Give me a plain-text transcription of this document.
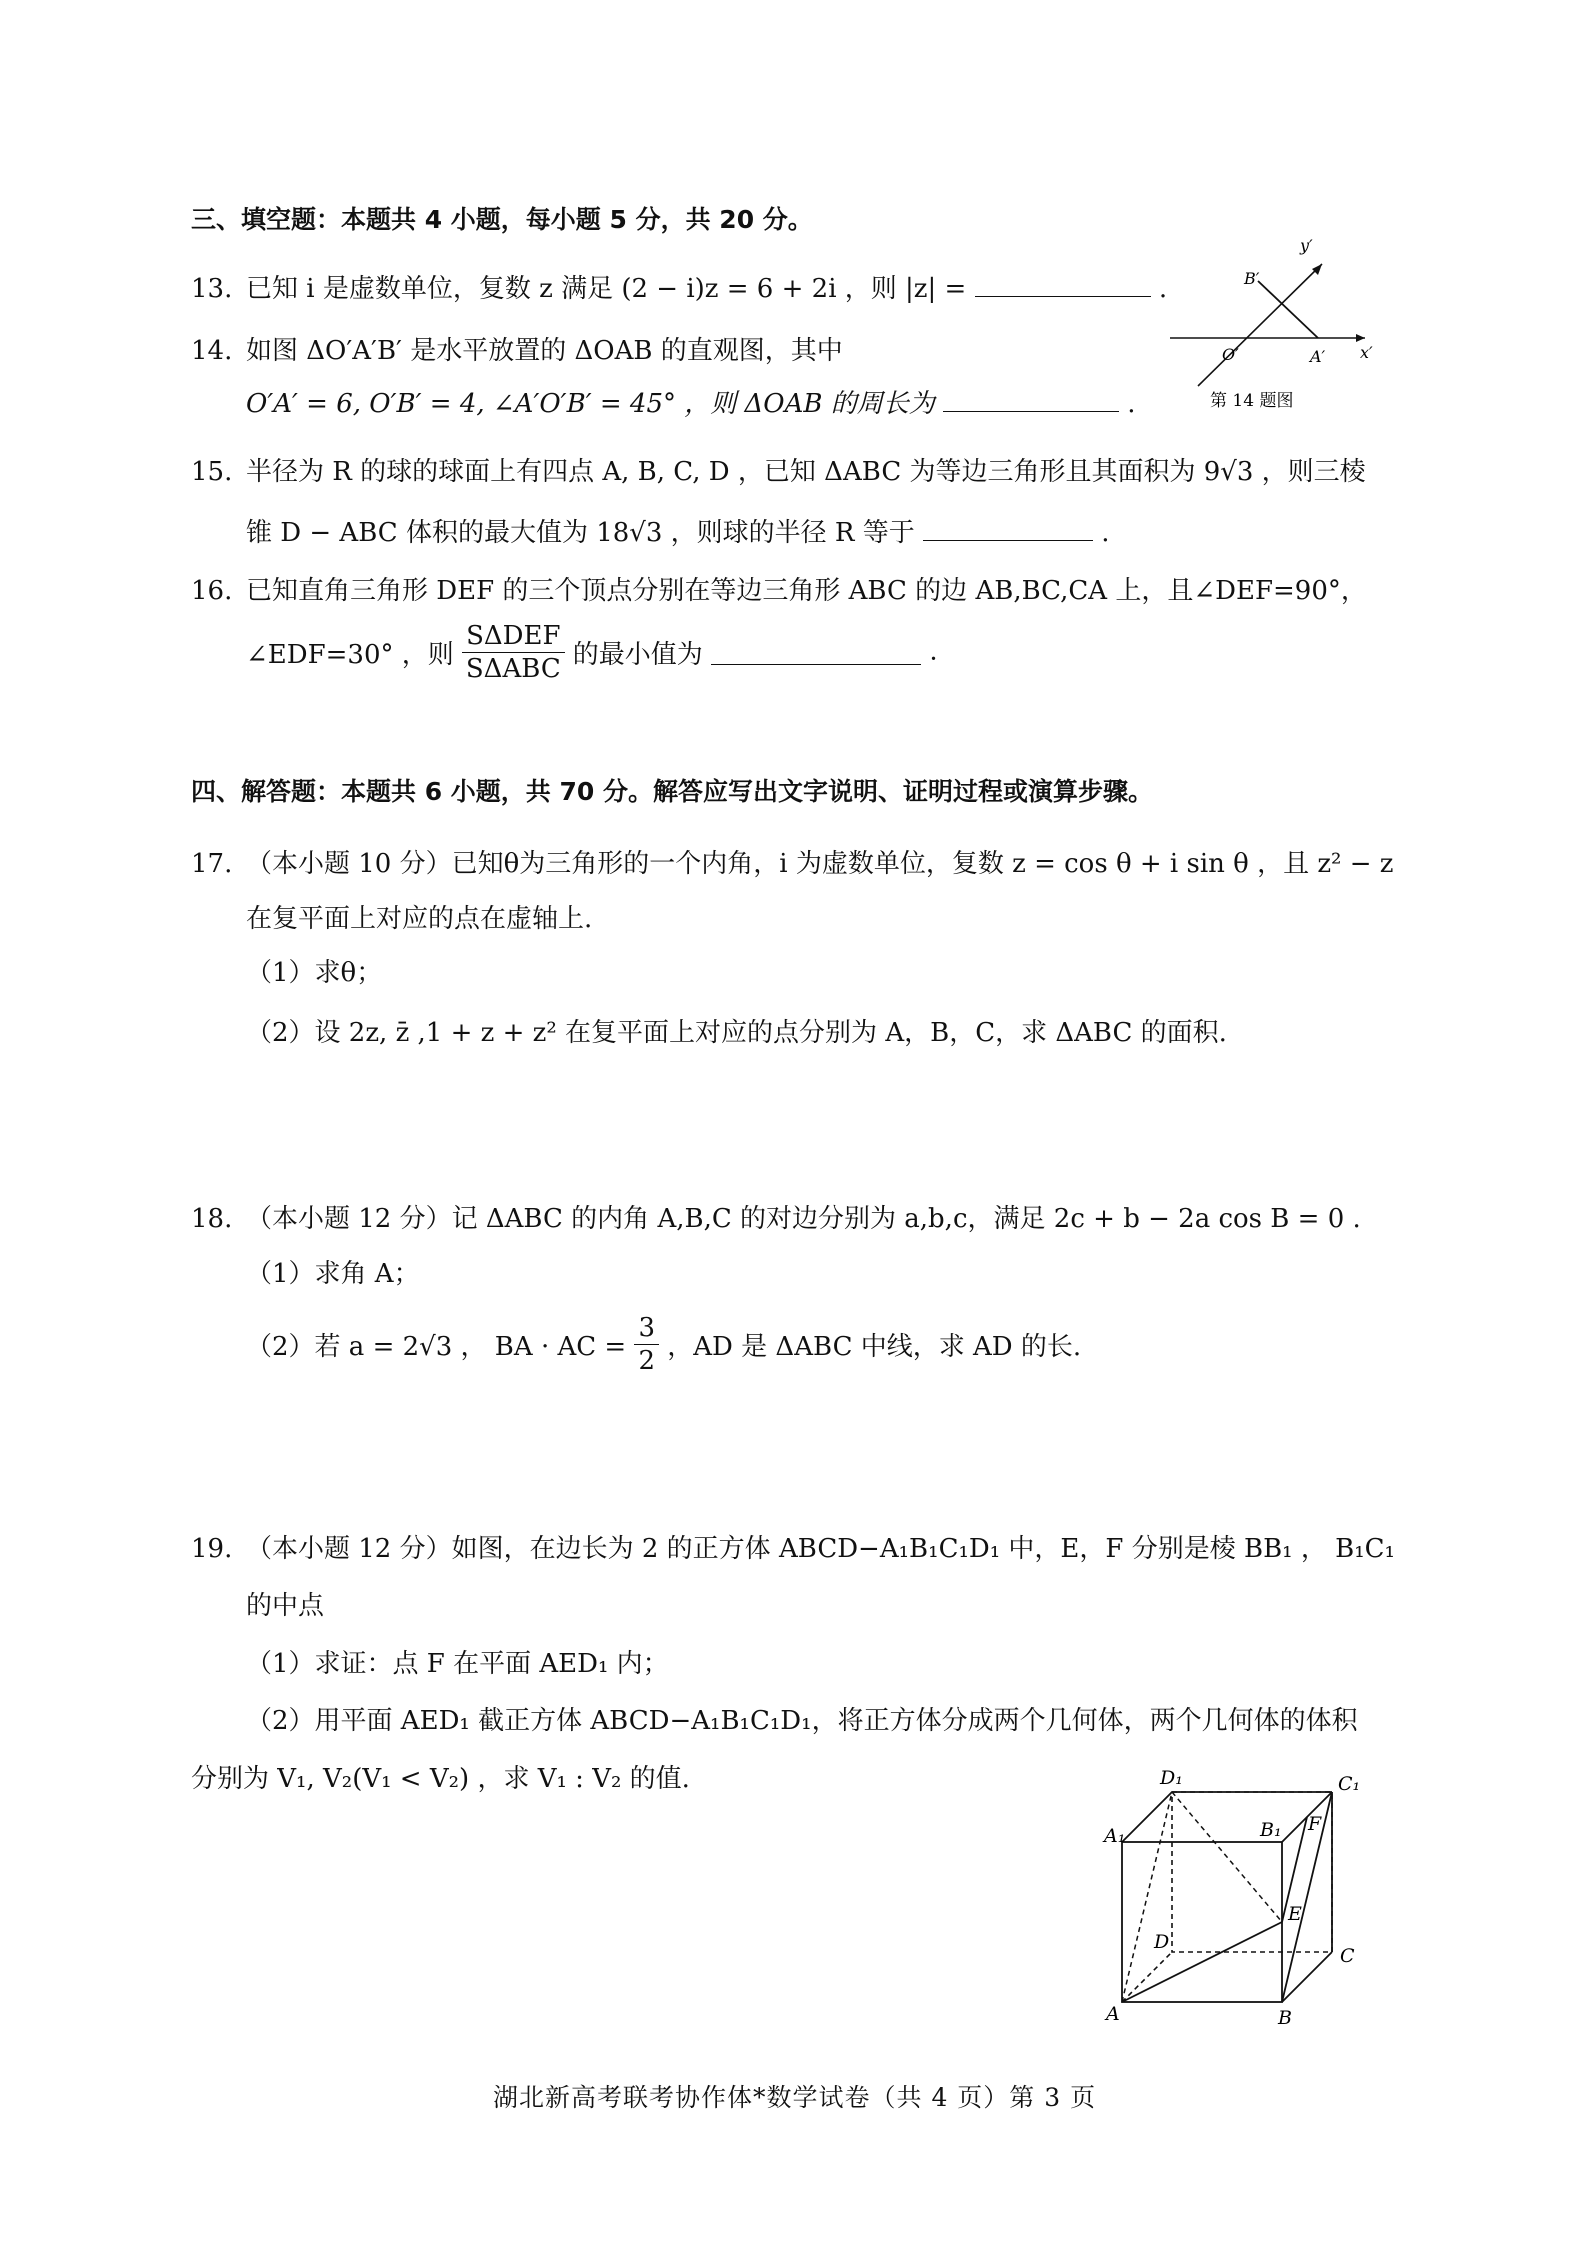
三、填空题：本题共 4 小题，每小题 5 分，共 20 分。
13. 已知 i 是虚数单位，复数 z 满足 (2 − i)z = 6 + 2i ，则 |z| =	.
14. 如图 ΔO′A′B′ 是水平放置的 ΔOAB 的直观图，其中
O′A′ = 6, O′B′ = 4, ∠A′O′B′ = 45° ，则 ΔOAB 的周长为	.
B′
y′
O′	A′ x′
第 14 题图
15. 半径为 R 的球的球面上有四点 A, B, C, D ，已知 ΔABC 为等边三角形且其面积为 9√3 ，则三棱
锥 D − ABC 体积的最大值为 18√3 ，则球的半径 R 等于	.
16. 已知直角三角形 DEF 的三个顶点分别在等边三角形 ABC 的边 AB,BC,CA 上，且∠DEF=90°，
∠EDF=30° ，则 $\frac{\text{SΔDEF}}{\text{SΔABC}}$ 的最小值为	.
四、解答题：本题共 6 小题，共 70 分。解答应写出文字说明、证明过程或演算步骤。
17. （本小题 10 分）已知θ为三角形的一个内角，i 为虚数单位，复数 z = cos θ + i sin θ ，且 z² − z
在复平面上对应的点在虚轴上.
（1）求θ；
（2）设 2z, z̄ ,1 + z + z² 在复平面上对应的点分别为 A，B，C，求 ΔABC 的面积.
18. （本小题 12 分）记 ΔABC 的内角 A,B,C 的对边分别为 a,b,c，满足 2c + b − 2a cos B = 0 .
（1）求角 A；
（2）若 a = 2√3 ， BA · AC = $\frac{3}{2}$ ，AD 是 ΔABC 中线，求 AD 的长.
19. （本小题 12 分）如图，在边长为 2 的正方体 ABCD−A₁B₁C₁D₁ 中，E，F 分别是棱 BB₁ ， B₁C₁
的中点
（1）求证：点 F 在平面 AED₁ 内；
（2）用平面 AED₁ 截正方体 ABCD−A₁B₁C₁D₁，将正方体分成两个几何体，两个几何体的体积
分别为 V₁, V₂(V₁ < V₂) ，求 V₁ : V₂ 的值.	D₁	C₁
A₁	B₁ F
E
D
C
A	B
湖北新高考联考协作体*数学试卷（共 4 页）第 3 页
